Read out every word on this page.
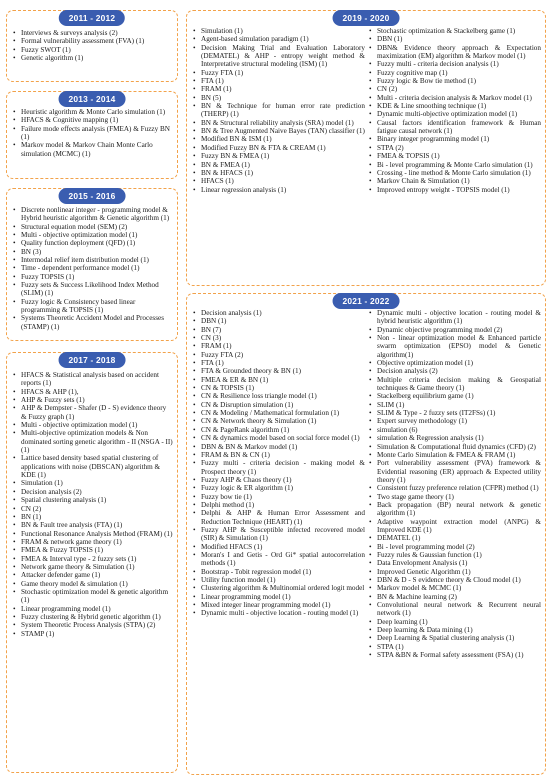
2011 - 2012
• Interviews & surveys analysis (2)
• Formal vulnerability assessment (FVA) (1)
• Fuzzy SWOT (1)
• Genetic algorithm (1)
2013 - 2014
• Heuristic algorithm & Monte Carlo simulation (1)
• HFACS & Cognitive mapping (1)
• Failure mode effects analysis (FMEA) & Fuzzy BN (1)
• Markov model & Markov Chain Monte Carlo simulation (MCMC) (1)
2015 - 2016
• Discrete nonlinear integer - programming model & Hybrid heuristic algorithm & Genetic algorithm (1)
• Structural equation model (SEM) (2)
• Multi - objective optimization model (1)
• Quality function deployment (QFD) (1)
• BN (3)
• Intermodal relief item distribution model (1)
• Time - dependent performance model (1)
• Fuzzy TOPSIS (1)
• Fuzzy sets & Success Likelihood Index Method (SLIM) (1)
• Fuzzy logic & Consistency based linear programming & TOPSIS (1)
• Systems Theoretic Accident Model and Processes (STAMP) (1)
2017 - 2018
• HFACS & Statistical analysis based on accident reports (1)
• HFACS & AHP (1),
• AHP & Fuzzy sets (1)
• AHP & Dempster - Shafer (D - S) evidence theory & Fuzzy graph (1)
• Multi - objective optimization model (1)
• Multi-objective optimization models & Non dominated sorting genetic algorithm - II (NSGA - II) (1)
• Lattice based density based spatial clustering of applications with noise (DBSCAN) algorithm & KDE (1)
• Simulation (1)
• Decision analysis (2)
• Spatial clustering analysis (1)
• CN (2)
• BN (1)
• BN & Fault tree analysis (FTA) (1)
• Functional Resonance Analysis Method (FRAM) (1)
• FRAM & network game theory (1)
• FMEA & Fuzzy TOPSIS (1)
• FMEA & Interval type - 2 fuzzy sets (1)
• Network game theory & Simulation (1)
• Attacker defender game (1)
• Game theory model & simulation (1)
• Stochastic optimization model & genetic algorithm (1)
• Linear programming model (1)
• Fuzzy clustering & Hybrid genetic algorithm (1)
• System Theoretic Process Analysis (STPA) (2)
• STAMP (1)
2019 - 2020
• Simulation (1)
• Agent-based simulation paradigm (1)
• Decision Making Trial and Evaluation Laboratory (DEMATEL) & AHP - entropy weight method & Interpretative structural modeling (ISM) (1)
• Fuzzy FTA (1)
• FTA (1)
• FRAM (1)
• BN (5)
• BN & Technique for human error rate prediction (THERP) (1)
• BN & Structural reliability analysis (SRA) model (1)
• BN & Tree Augmented Naive Bayes (TAN) classifier (1)
• Modified BN & ISM (1)
• Modified Fuzzy BN & FTA & CREAM (1)
• Fuzzy BN & FMEA (1)
• BN & FMEA (1)
• BN & HFACS (1)
• HFACS (1)
• Linear regression analysis (1)
• Stochastic optimization & Stackelberg game (1)
• DBN (1)
• DBN& Evidence theory approach & Expectation maximization (EM) algorithm & Markov model (1)
• Fuzzy multi - criteria decision analysis (1)
• Fuzzy cognitive map (1)
• Fuzzy logic & Bow tie method (1)
• CN (2)
• Multi - criteria decision analysis & Markov model (1)
• KDE & Line smoothing technique (1)
• Dynamic multi-objective optimization model (1)
• Causal factors identification framework & Human fatigue causal network (1)
• Binary integer programming model (1)
• STPA (2)
• FMEA & TOPSIS (1)
• Bi - level programming & Monte Carlo simulation (1)
• Crossing - line method & Monte Carlo simulation (1)
• Markov Chain & Simulation (1)
• Improved entropy weight - TOPSIS model (1)
2021 - 2022
• Decision analysis (1)
• DBN (1)
• BN (7)
• CN (3)
• FRAM (1)
• Fuzzy FTA (2)
• FTA (1)
• FTA & Grounded theory & BN (1)
• FMEA & ER & BN (1)
• CN & TOPSIS (1)
• CN & Resilience loss triangle model (1)
• CN & Disruption simulation (1)
• CN & Modeling / Mathematical formulation (1)
• CN & Network theory & Simulation (1)
• CN & PageRank algorithm (1)
• CN & dynamics model based on social force model (1)
• DBN & BN & Markov model (1)
• FRAM & BN & CN (1)
• Fuzzy multi - criteria decision - making model & Prospect theory (1)
• Fuzzy AHP & Chaos theory (1)
• Fuzzy logic & ER algorithm (1)
• Fuzzy bow tie (1)
• Delphi method (1)
• Delphi & AHP & Human Error Assessment and Reduction Technique (HEART) (1)
• Fuzzy AHP & Susceptible infected recovered model (SIR) & Simulation (1)
• Modified HFACS (1)
• Moran's I and Getis - Ord Gi* spatial autocorrelation methods (1)
• Bootstrap - Tobit regression model (1)
• Utility function model (1)
• Clustering algorithm & Multinomial ordered logit model
• Linear programming model (1)
• Mixed integer linear programming model (1)
• Dynamic multi - objective location - routing model (1)
• Dynamic multi - objective location - routing model & hybrid heuristic algorithm (1)
• Dynamic objective programming model (2)
• Non - linear optimization model & Enhanced particle swarm optimization (EPSO) model & Genetic algorithm(1)
• Objective optimization model (1)
• Decision analysis (2)
• Multiple criteria decision making & Geospatial techniques & Game theory (1)
• Stackelberg equilibrium game (1)
• SLIM (1)
• SLIM & Type - 2 fuzzy sets (IT2FSs) (1)
• Expert survey methodology (1)
• simulation (6)
• simulation & Regression analysis (1)
• Simulation & Computational fluid dynamics (CFD) (2)
• Monte Carlo Simulation & FMEA & FRAM (1)
• Port vulnerability assessment (PVA) framework & Evidential reasoning (ER) approach & Expected utility theory (1)
• Consistent fuzzy preference relation (CFPR) method (1)
• Two stage game theory (1)
• Back propagation (BP) neural network & genetic algorithm (1)
• Adaptive waypoint extraction model (ANPG) & Improved KDE (1)
• DEMATEL (1)
• Bi - level programming model (2)
• Fuzzy rules & Gaussian function (1)
• Data Envelopment Analysis (1)
• Improved Genetic Algorithm (1)
• DBN & D - S evidence theory & Cloud model (1)
• Markov model & MCMC (1)
• BN & Machine learning (2)
• Convolutional neural network & Recurrent neural network (1)
• Deep learning (1)
• Deep learning & Data mining (1)
• Deep Learning & Spatial clustering analysis (1)
• STPA (1)
• STPA &BN & Formal safety assessment (FSA) (1)
